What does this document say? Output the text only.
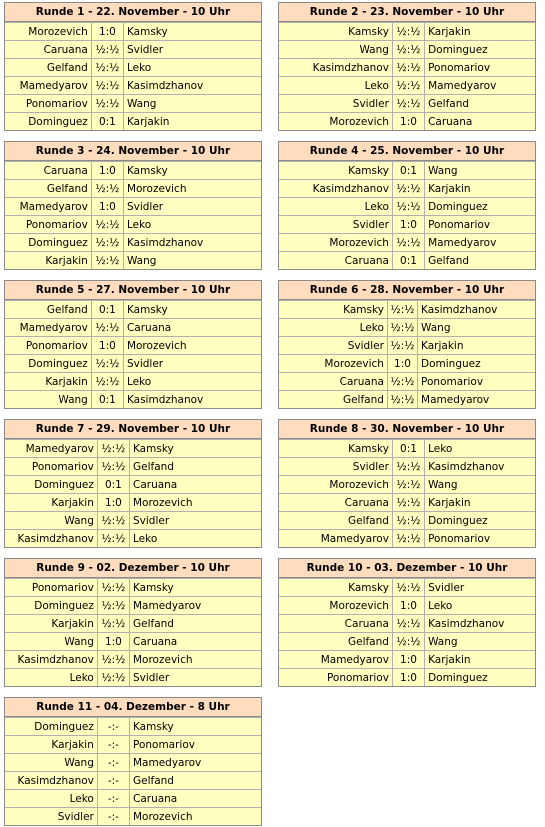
Runde 1 - 22. November - 10 Uhr
Morozevich	1:0	Kamsky
Caruana	½:½	Svidler
Gelfand	½:½	Leko
Mamedyarov	½:½	Kasimdzhanov
Ponomariov	½:½	Wang
Dominguez	0:1	Karjakin
Runde 2 - 23. November - 10 Uhr
Kamsky	½:½	Karjakin
Wang	½:½	Dominguez
Kasimdzhanov	½:½	Ponomariov
Leko	½:½	Mamedyarov
Svidler	½:½	Gelfand
Morozevich	1:0	Caruana
Runde 3 - 24. November - 10 Uhr
Caruana	1:0	Kamsky
Gelfand	½:½	Morozevich
Mamedyarov	1:0	Svidler
Ponomariov	½:½	Leko
Dominguez	½:½	Kasimdzhanov
Karjakin	½:½	Wang
Runde 4 - 25. November - 10 Uhr
Kamsky	0:1	Wang
Kasimdzhanov	½:½	Karjakin
Leko	½:½	Dominguez
Svidler	1:0	Ponomariov
Morozevich	½:½	Mamedyarov
Caruana	0:1	Gelfand
Runde 5 - 27. November - 10 Uhr
Gelfand	0:1	Kamsky
Mamedyarov	½:½	Caruana
Ponomariov	1:0	Morozevich
Dominguez	½:½	Svidler
Karjakin	½:½	Leko
Wang	0:1	Kasimdzhanov
Runde 6 - 28. November - 10 Uhr
Kamsky	½:½	Kasimdzhanov
Leko	½:½	Wang
Svidler	½:½	Karjakin
Morozevich	1:0	Dominguez
Caruana	½:½	Ponomariov
Gelfand	½:½	Mamedyarov
Runde 7 - 29. November - 10 Uhr
Mamedyarov	½:½	Kamsky
Ponomariov	½:½	Gelfand
Dominguez	0:1	Caruana
Karjakin	1:0	Morozevich
Wang	½:½	Svidler
Kasimdzhanov	½:½	Leko
Runde 8 - 30. November - 10 Uhr
Kamsky	0:1	Leko
Svidler	½:½	Kasimdzhanov
Morozevich	½:½	Wang
Caruana	½:½	Karjakin
Gelfand	½:½	Dominguez
Mamedyarov	½:½	Ponomariov
Runde 9 - 02. Dezember - 10 Uhr
Ponomariov	½:½	Kamsky
Dominguez	½:½	Mamedyarov
Karjakin	½:½	Gelfand
Wang	1:0	Caruana
Kasimdzhanov	½:½	Morozevich
Leko	½:½	Svidler
Runde 10 - 03. Dezember - 10 Uhr
Kamsky	½:½	Svidler
Morozevich	1:0	Leko
Caruana	½:½	Kasimdzhanov
Gelfand	½:½	Wang
Mamedyarov	1:0	Karjakin
Ponomariov	1:0	Dominguez
Runde 11 - 04. Dezember - 8 Uhr
Dominguez	-:-	Kamsky
Karjakin	-:-	Ponomariov
Wang	-:-	Mamedyarov
Kasimdzhanov	-:-	Gelfand
Leko	-:-	Caruana
Svidler	-:-	Morozevich
